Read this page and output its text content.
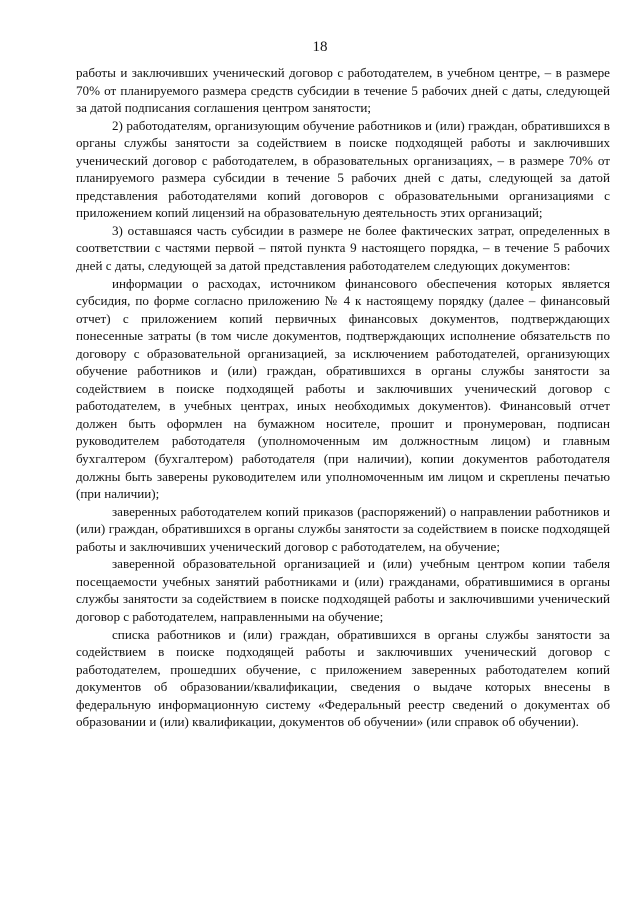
18

работы и заключивших ученический договор с работодателем, в учебном центре, – в размере 70% от планируемого размера средств субсидии в течение 5 рабочих дней с даты, следующей за датой подписания соглашения центром занятости;

2) работодателям, организующим обучение работников и (или) граждан, обратившихся в органы службы занятости за содействием в поиске подходящей работы и заключивших ученический договор с работодателем, в образовательных организациях, – в размере 70% от планируемого размера субсидии в течение 5 рабочих дней с даты, следующей за датой представления работодателями копий договоров с образовательными организациями с приложением копий лицензий на образовательную деятельность этих организаций;

3) оставшаяся часть субсидии в размере не более фактических затрат, определенных в соответствии с частями первой – пятой пункта 9 настоящего порядка, – в течение 5 рабочих дней с даты, следующей за датой представления работодателем следующих документов:

информации о расходах, источником финансового обеспечения которых является субсидия, по форме согласно приложению № 4 к настоящему порядку (далее – финансовый отчет) с приложением копий первичных финансовых документов, подтверждающих понесенные затраты (в том числе документов, подтверждающих исполнение обязательств по договору с образовательной организацией, за исключением работодателей, организующих обучение работников и (или) граждан, обратившихся в органы службы занятости за содействием в поиске подходящей работы и заключивших ученический договор с работодателем, в учебных центрах, иных необходимых документов). Финансовый отчет должен быть оформлен на бумажном носителе, прошит и пронумерован, подписан руководителем работодателя (уполномоченным им должностным лицом) и главным бухгалтером (бухгалтером) работодателя (при наличии), копии документов работодателя должны быть заверены руководителем или уполномоченным им лицом и скреплены печатью (при наличии);

заверенных работодателем копий приказов (распоряжений) о направлении работников и (или) граждан, обратившихся в органы службы занятости за содействием в поиске подходящей работы и заключивших ученический договор с работодателем, на обучение;

заверенной образовательной организацией и (или) учебным центром копии табеля посещаемости учебных занятий работниками и (или) гражданами, обратившимися в органы службы занятости за содействием в поиске подходящей работы и заключившими ученический договор с работодателем, направленными на обучение;

списка работников и (или) граждан, обратившихся в органы службы занятости за содействием в поиске подходящей работы и заключивших ученический договор с работодателем, прошедших обучение, с приложением заверенных работодателем копий документов об образовании/квалификации, сведения о выдаче которых внесены в федеральную информационную систему «Федеральный реестр сведений о документах об образовании и (или) квалификации, документов об обучении» (или справок об обучении).
